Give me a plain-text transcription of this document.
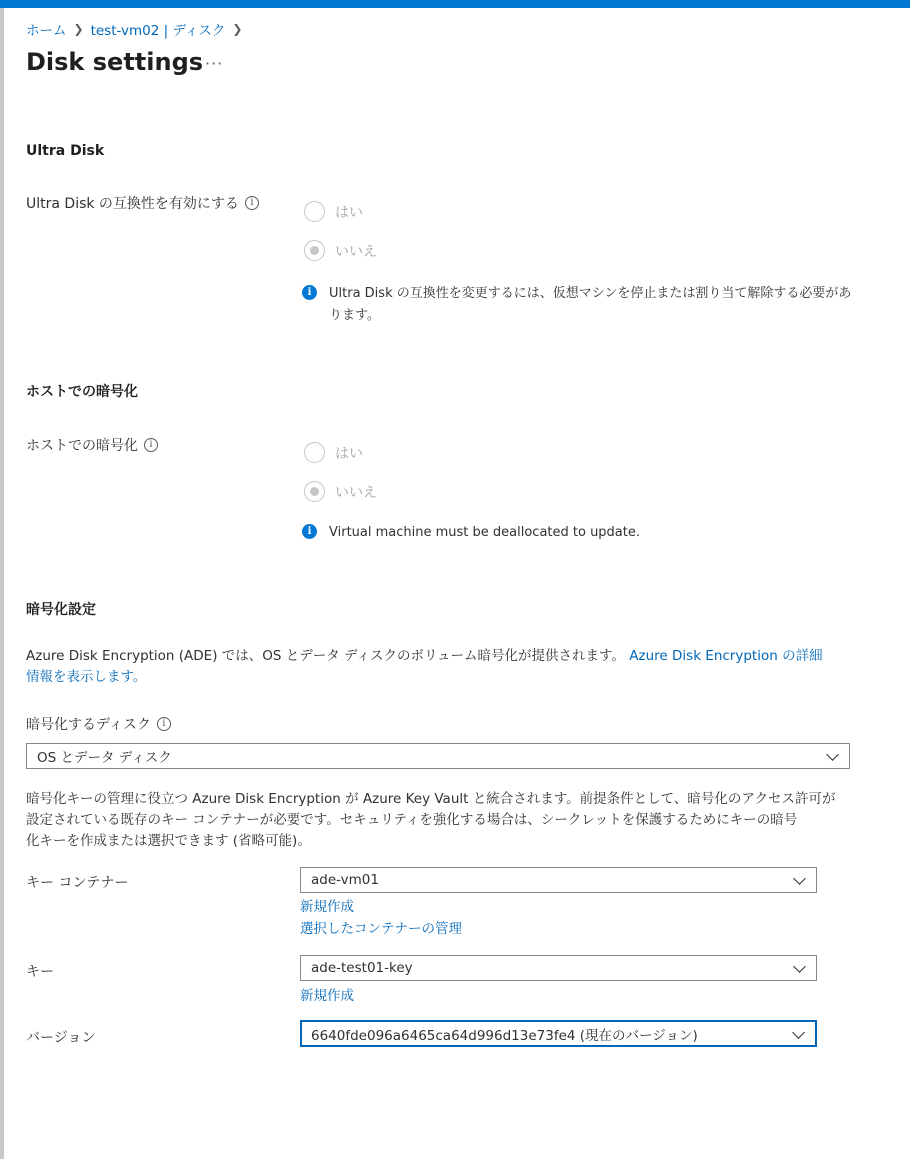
ホーム ❯ test-vm02 | ディスク ❯
Disk settings ···
Ultra Disk
Ultra Disk の互換性を有効にする	i
はい
いいえ
i	Ultra Disk の互換性を変更するには、仮想マシンを停止または割り当て解除する必要があ
ります。
ホストでの暗号化
ホストでの暗号化	i
はい
いいえ
i	Virtual machine must be deallocated to update.
暗号化設定
Azure Disk Encryption (ADE) では、OS とデータ ディスクのボリューム暗号化が提供されます。 Azure Disk Encryption の詳細
情報を表示します。
暗号化するディスク	i
OS とデータ ディスク
暗号化キーの管理に役立つ Azure Disk Encryption が Azure Key Vault と統合されます。前提条件として、暗号化のアクセス許可が
設定されている既存のキー コンテナーが必要です。セキュリティを強化する場合は、シークレットを保護するためにキーの暗号
化キーを作成または選択できます (省略可能)。
キー コンテナー	ade-vm01
新規作成
選択したコンテナーの管理
キー	ade-test01-key
新規作成
バージョン	6640fde096a6465ca64d996d13e73fe4 (現在のバージョン)
